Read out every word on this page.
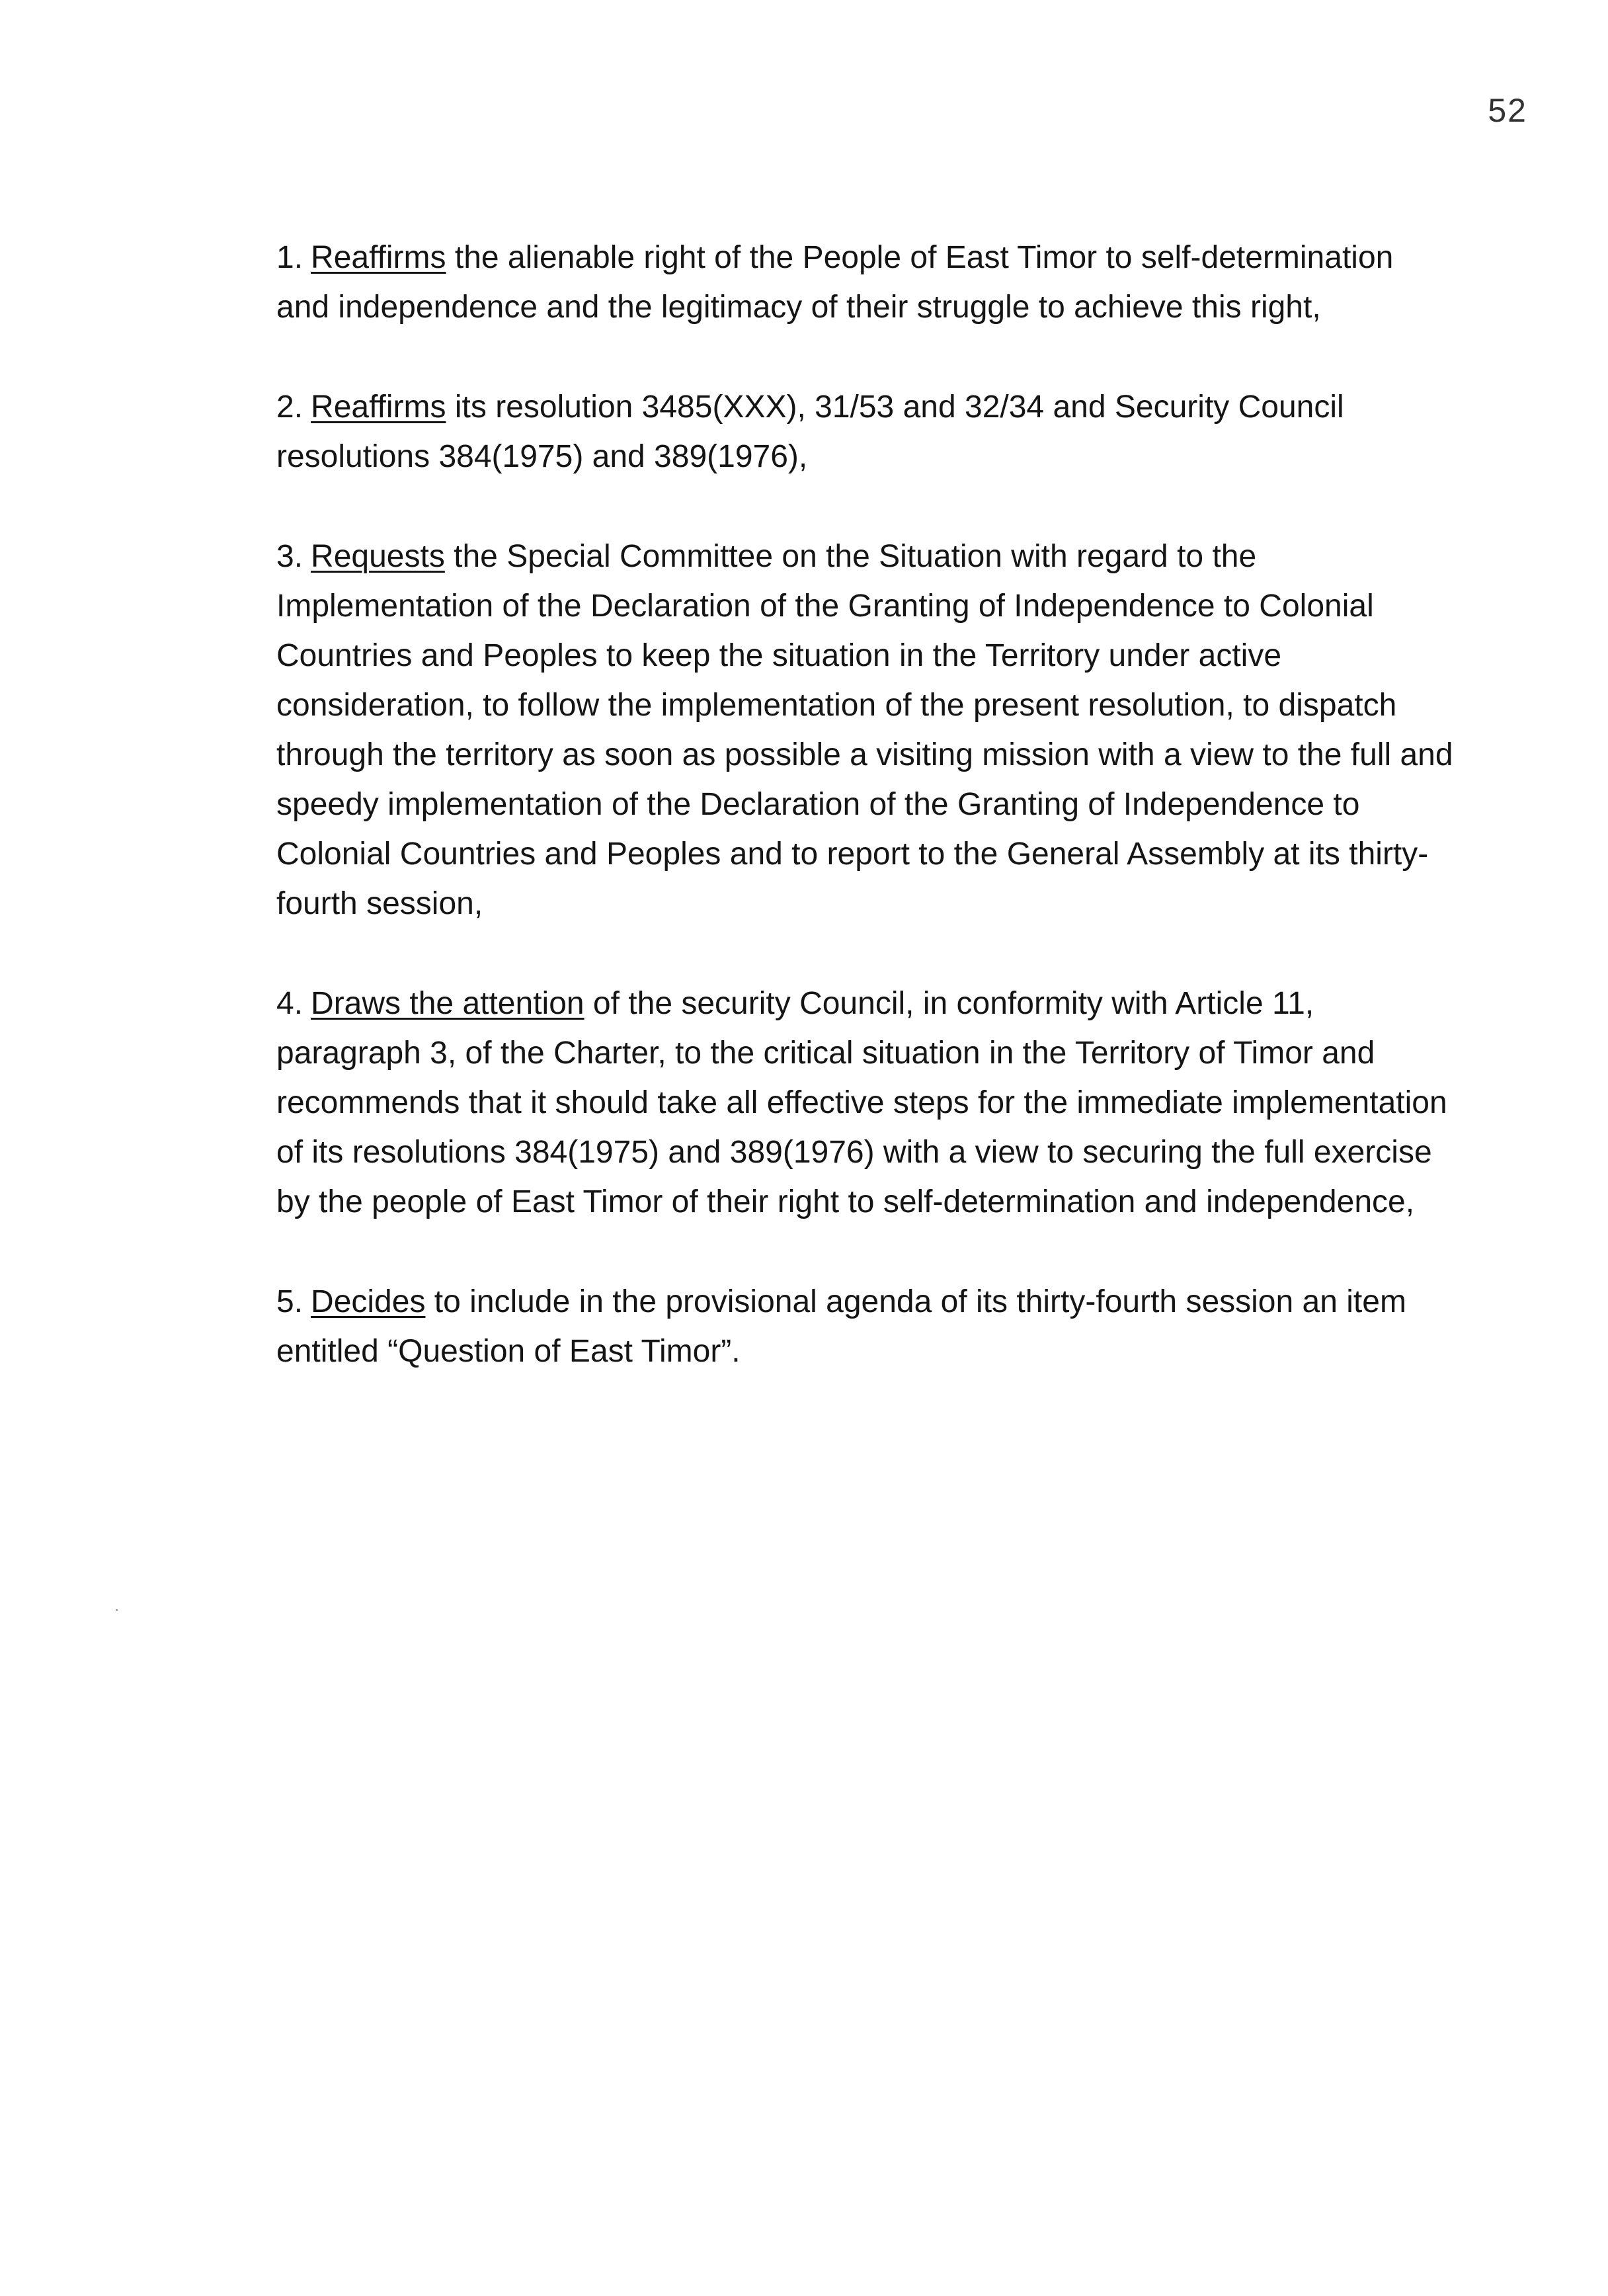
52

1. Reaffirms the alienable right of the People of East Timor to self-determination and independence and the legitimacy of their struggle to achieve this right,

2. Reaffirms its resolution 3485(XXX), 31/53 and 32/34 and Security Council resolutions 384(1975) and 389(1976),

3. Requests the Special Committee on the Situation with regard to the Implementation of the Declaration of the Granting of Independence to Colonial Countries and Peoples to keep the situation in the Territory under active consideration, to follow the implementation of the present resolution, to dispatch through the territory as soon as possible a visiting mission with a view to the full and speedy implementation of the Declaration of the Granting of Independence to Colonial Countries and Peoples and to report to the General Assembly at its thirty-fourth session,

4. Draws the attention of the security Council, in conformity with Article 11, paragraph 3, of the Charter, to the critical situation in the Territory of Timor and recommends that it should take all effective steps for the immediate implementation of its resolutions 384(1975) and 389(1976) with a view to securing the full exercise by the people of East Timor of their right to self-determination and independence,

5. Decides to include in the provisional agenda of its thirty-fourth session an item entitled “Question of East Timor”.
